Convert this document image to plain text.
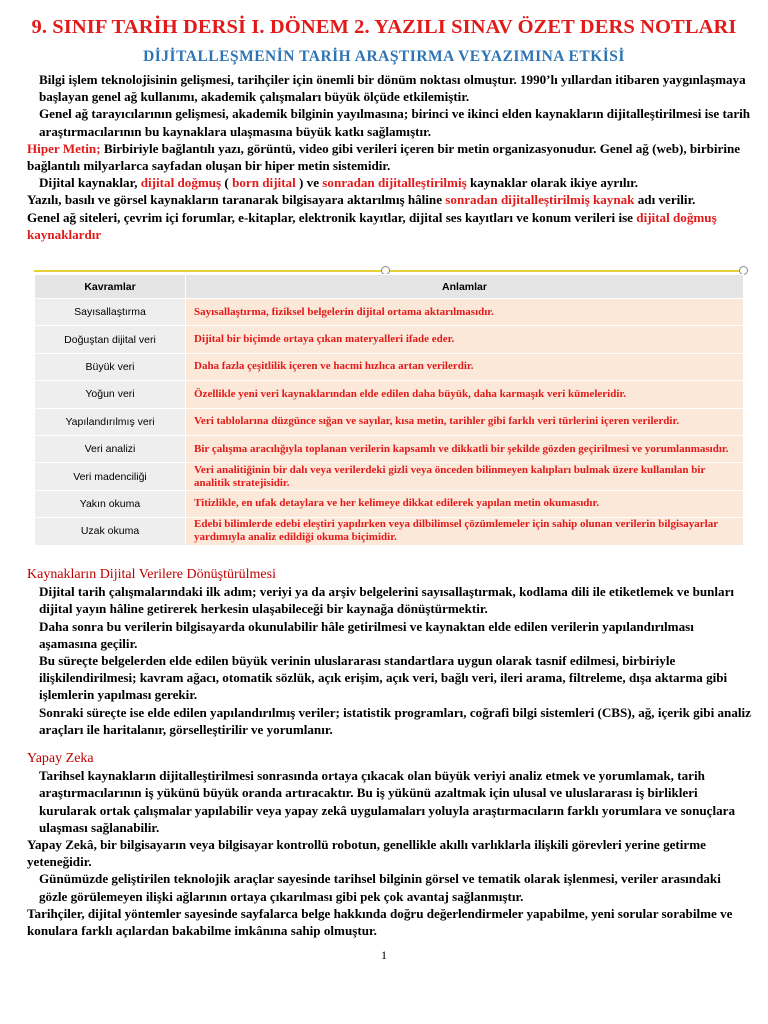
9. SINIF TARİH DERSİ I. DÖNEM 2. YAZILI SINAV ÖZET DERS NOTLARI
DİJİTALLEŞMENİN TARİH ARAŞTIRMA VEYAZIMINA ETKİSİ
Bilgi işlem teknolojisinin gelişmesi, tarihçiler için önemli bir dönüm noktası olmuştur. 1990’lı yıllardan itibaren yaygınlaşmaya başlayan genel ağ kullanımı, akademik çalışmaları büyük ölçüde etkilemiştir.
Genel ağ tarayıcılarının gelişmesi, akademik bilginin yayılmasına; birinci ve ikinci elden kaynakların dijitalleştirilmesi ise tarih araştırmacılarının bu kaynaklara ulaşmasına büyük katkı sağlamıştır.
Hiper Metin; Birbiriyle bağlantılı yazı, görüntü, video gibi verileri içeren bir metin organizasyonudur. Genel ağ (web), birbirine bağlantılı milyarlarca sayfadan oluşan bir hiper metin sistemidir.
Dijital kaynaklar, dijital doğmuş ( born dijital ) ve sonradan dijitalleştirilmiş kaynaklar olarak ikiye ayrılır.
Yazılı, basılı ve görsel kaynakların taranarak bilgisayara aktarılmış hâline sonradan dijitalleştirilmiş kaynak adı verilir.
Genel ağ siteleri, çevrim içi forumlar, e-kitaplar, elektronik kayıtlar, dijital ses kayıtları ve konum verileri ise dijital doğmuş kaynaklardır
Kavramlar	Anlamlar
Sayısallaştırma	Sayısallaştırma, fiziksel belgelerin dijital ortama aktarılmasıdır.
Doğuştan dijital veri	Dijital bir biçimde ortaya çıkan materyalleri ifade eder.
Büyük veri	Daha fazla çeşitlilik içeren ve hacmi hızlıca artan verilerdir.
Yoğun veri	Özellikle yeni veri kaynaklarından elde edilen daha büyük, daha karmaşık veri kümeleridir.
Yapılandırılmış veri	Veri tablolarına düzgünce sığan ve sayılar, kısa metin, tarihler gibi farklı veri türlerini içeren verilerdir.
Veri analizi	Bir çalışma aracılığıyla toplanan verilerin kapsamlı ve dikkatli bir şekilde gözden geçirilmesi ve yorumlanmasıdır.
Veri madenciliği	Veri analitiğinin bir dalı veya verilerdeki gizli veya önceden bilinmeyen kalıpları bulmak üzere kullanılan bir analitik stratejisidir.
Yakın okuma	Titizlikle, en ufak detaylara ve her kelimeye dikkat edilerek yapılan metin okumasıdır.
Uzak okuma	Edebi bilimlerde edebi eleştiri yapılırken veya dilbilimsel çözümlemeler için sahip olunan verilerin bilgisayarlar yardımıyla analiz edildiği okuma biçimidir.
Kaynakların Dijital Verilere Dönüştürülmesi
Dijital tarih çalışmalarındaki ilk adım; veriyi ya da arşiv belgelerini sayısallaştırmak, kodlama dili ile etiketlemek ve bunları dijital yayın hâline getirerek herkesin ulaşabileceği bir kaynağa dönüştürmektir.
Daha sonra bu verilerin bilgisayarda okunulabilir hâle getirilmesi ve kaynaktan elde edilen verilerin yapılandırılması aşamasına geçilir.
Bu süreçte belgelerden elde edilen büyük verinin uluslararası standartlara uygun olarak tasnif edilmesi, birbiriyle ilişkilendirilmesi; kavram ağacı, otomatik sözlük, açık erişim, açık veri, bağlı veri, ileri arama, filtreleme, dışa aktarma gibi işlemlerin yapılması gerekir.
Sonraki süreçte ise elde edilen yapılandırılmış veriler; istatistik programları, coğrafi bilgi sistemleri (CBS), ağ, içerik gibi analiz araçları ile haritalanır, görselleştirilir ve yorumlanır.
Yapay Zeka
Tarihsel kaynakların dijitalleştirilmesi sonrasında ortaya çıkacak olan büyük veriyi analiz etmek ve yorumlamak, tarih araştırmacılarının iş yükünü büyük oranda artıracaktır. Bu iş yükünü azaltmak için ulusal ve uluslararası iş birlikleri kurularak ortak çalışmalar yapılabilir veya yapay zekâ uygulamaları yoluyla araştırmacıların farklı yorumlara ve sonuçlara ulaşması sağlanabilir.
Yapay Zekâ, bir bilgisayarın veya bilgisayar kontrollü robotun, genellikle akıllı varlıklarla ilişkili görevleri yerine getirme yeteneğidir.
Günümüzde geliştirilen teknolojik araçlar sayesinde tarihsel bilginin görsel ve tematik olarak işlenmesi, veriler arasındaki gözle görülemeyen ilişki ağlarının ortaya çıkarılması gibi pek çok avantaj sağlanmıştır.
Tarihçiler, dijital yöntemler sayesinde sayfalarca belge hakkında doğru değerlendirmeler yapabilme, yeni sorular sorabilme ve konulara farklı açılardan bakabilme imkânına sahip olmuştur.
1
